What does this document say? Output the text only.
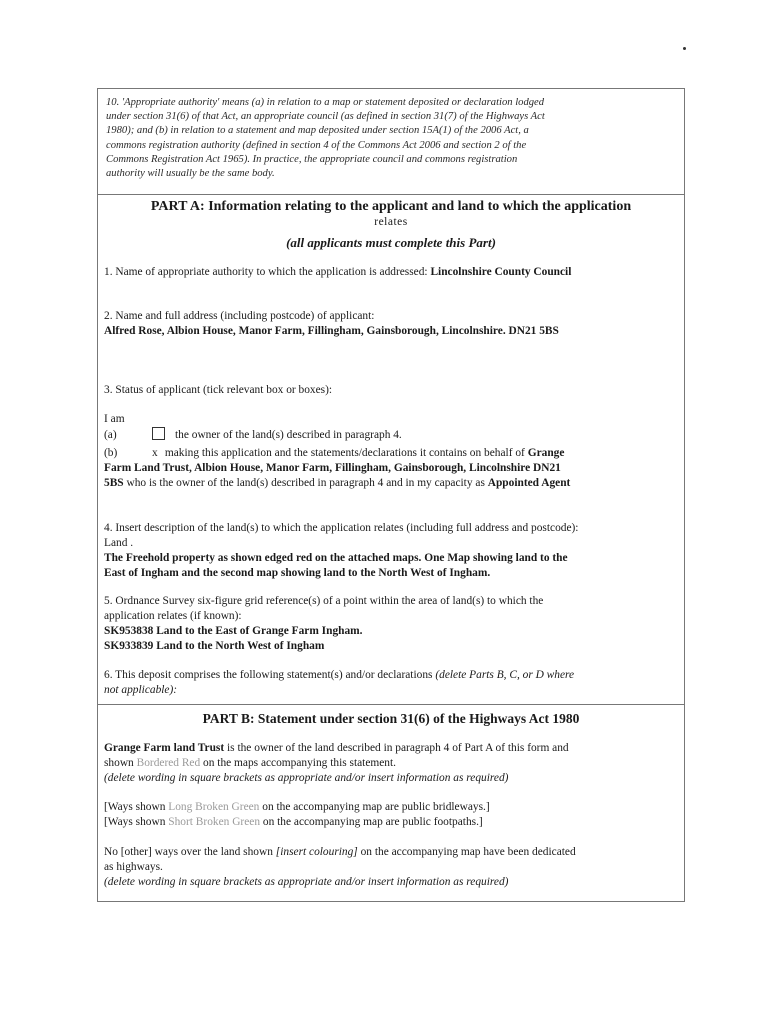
10. 'Appropriate authority' means (a) in relation to a map or statement deposited or declaration lodged
under section 31(6) of that Act, an appropriate council (as defined in section 31(7) of the Highways Act
1980); and (b) in relation to a statement and map deposited under section 15A(1) of the 2006 Act, a
commons registration authority (defined in section 4 of the Commons Act 2006 and section 2 of the
Commons Registration Act 1965). In practice, the appropriate council and commons registration
authority will usually be the same body.
PART A: Information relating to the applicant and land to which the application
relates
(all applicants must complete this Part)
1. Name of appropriate authority to which the application is addressed: Lincolnshire County Council
2. Name and full address (including postcode) of applicant:
Alfred Rose, Albion House, Manor Farm, Fillingham, Gainsborough, Lincolnshire. DN21 5BS
3. Status of applicant (tick relevant box or boxes):
I am
(a)	the owner of the land(s) described in paragraph 4.
(b)	x making this application and the statements/declarations it contains on behalf of Grange
Farm Land Trust, Albion House, Manor Farm, Fillingham, Gainsborough, Lincolnshire DN21
5BS who is the owner of the land(s) described in paragraph 4 and in my capacity as Appointed Agent
4. Insert description of the land(s) to which the application relates (including full address and postcode):
Land .
The Freehold property as shown edged red on the attached maps. One Map showing land to the
East of Ingham and the second map showing land to the North West of Ingham.
5. Ordnance Survey six-figure grid reference(s) of a point within the area of land(s) to which the
application relates (if known):
SK953838 Land to the East of Grange Farm Ingham.
SK933839 Land to the North West of Ingham
6. This deposit comprises the following statement(s) and/or declarations (delete Parts B, C, or D where
not applicable):
PART B: Statement under section 31(6) of the Highways Act 1980
Grange Farm land Trust is the owner of the land described in paragraph 4 of Part A of this form and
shown Bordered Red on the maps accompanying this statement.
(delete wording in square brackets as appropriate and/or insert information as required)
[Ways shown Long Broken Green on the accompanying map are public bridleways.]
[Ways shown Short Broken Green on the accompanying map are public footpaths.]
No [other] ways over the land shown [insert colouring] on the accompanying map have been dedicated
as highways.
(delete wording in square brackets as appropriate and/or insert information as required)
